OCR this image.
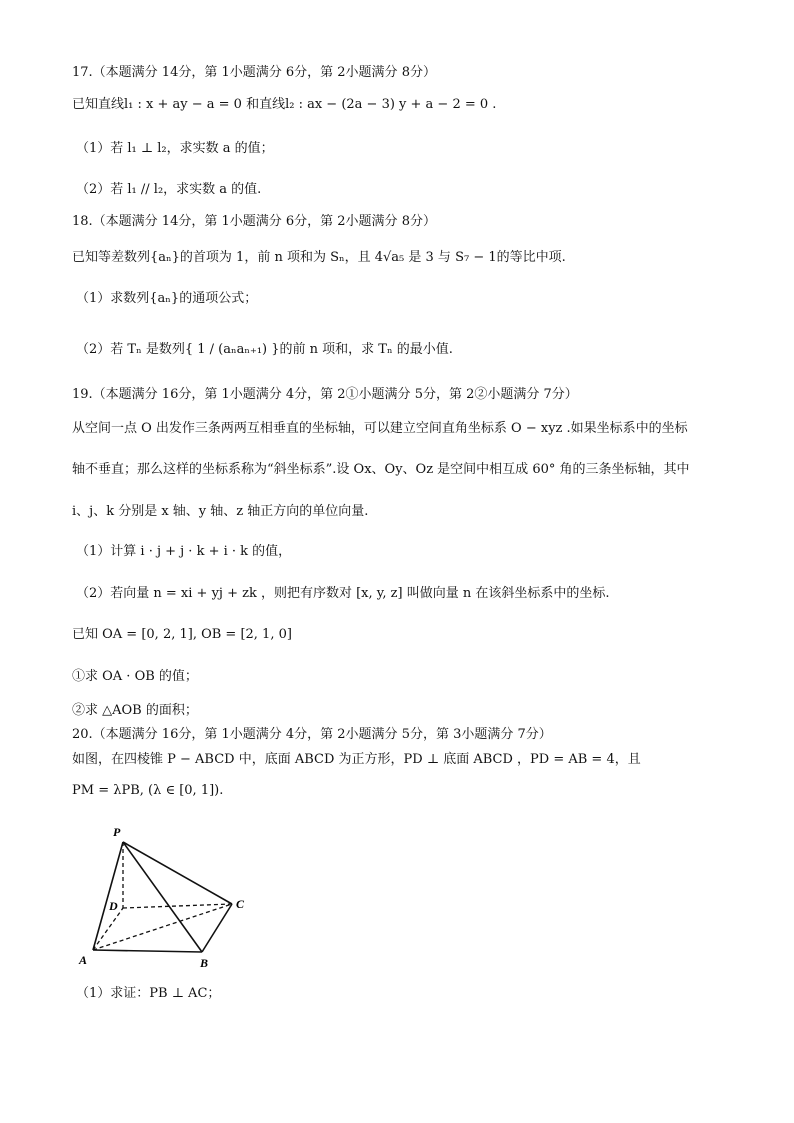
17.（本题满分 14分，第 1小题满分 6分，第 2小题满分 8分）
已知直线l₁ : x + ay − a = 0 和直线l₂ : ax − (2a − 3) y + a − 2 = 0 .
（1）若 l₁ ⊥ l₂，求实数 a 的值；
（2）若 l₁ // l₂，求实数 a 的值.
18.（本题满分 14分，第 1小题满分 6分，第 2小题满分 8分）
已知等差数列{aₙ}的首项为 1，前 n 项和为 Sₙ，且 4√a₅ 是 3 与 S₇ − 1的等比中项.
（1）求数列{aₙ}的通项公式；
（2）若 Tₙ 是数列{ 1 / (aₙaₙ₊₁) }的前 n 项和，求 Tₙ 的最小值.
19.（本题满分 16分，第 1小题满分 4分，第 2①小题满分 5分，第 2②小题满分 7分）
从空间一点 O 出发作三条两两互相垂直的坐标轴，可以建立空间直角坐标系 O − xyz .如果坐标系中的坐标
轴不垂直；那么这样的坐标系称为“斜坐标系”.设 Ox、Oy、Oz 是空间中相互成 60° 角的三条坐标轴，其中
i、j、k 分别是 x 轴、y 轴、z 轴正方向的单位向量.
（1）计算 i · j + j · k + i · k 的值，
（2）若向量 n = xi + yj + zk ，则把有序数对 [x, y, z] 叫做向量 n 在该斜坐标系中的坐标.
已知 OA = [0, 2, 1], OB = [2, 1, 0]
①求 OA · OB 的值；
②求 △AOB 的面积；
20.（本题满分 16分，第 1小题满分 4分，第 2小题满分 5分，第 3小题满分 7分）
如图，在四棱锥 P − ABCD 中，底面 ABCD 为正方形，PD ⊥ 底面 ABCD ，PD = AB = 4，且
PM = λPB, (λ ∈ [0, 1]).
P
D	C
A	B
（1）求证：PB ⊥ AC；
